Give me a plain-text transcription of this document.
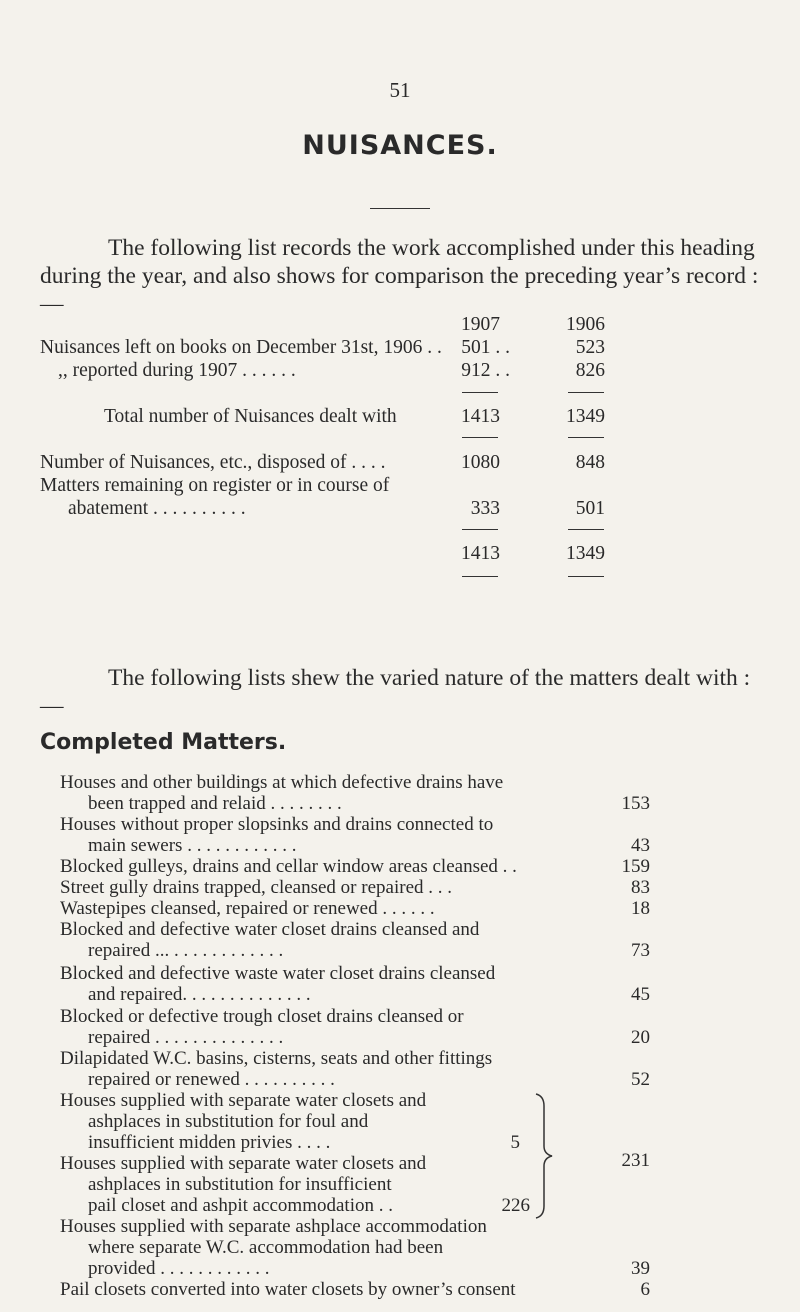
51
NUISANCES.
The following list records the work accomplished under this heading during the year, and also shows for comparison the preceding year’s record :—
1907	1906
Nuisances left on books on December 31st, 1906 . . 501 . .	523
,, reported during 1907 . . . . . .	912 . .	826
Total number of Nuisances dealt with	1413	1349
Number of Nuisances, etc., disposed of . . . .	1080	848
Matters remaining on register or in course of
abatement . . . . . . . . . .	333	501
1413	1349
The following lists shew the varied nature of the matters dealt with :—
Completed Matters.
Houses and other buildings at which defective drains have
been trapped and relaid . . . . . . . .	153
Houses without proper slopsinks and drains connected to
main sewers . . . . . . . . . . . .	43
Blocked gulleys, drains and cellar window areas cleansed . .	159
Street gully drains trapped, cleansed or repaired . . .	83
Wastepipes cleansed, repaired or renewed . . . . . .	18
Blocked and defective water closet drains cleansed and
repaired ... . . . . . . . . . . . .	73
Blocked and defective waste water closet drains cleansed
and repaired. . . . . . . . . . . . . .	45
Blocked or defective trough closet drains cleansed or
repaired . . . . . . . . . . . . . .	20
Dilapidated W.C. basins, cisterns, seats and other fittings
repaired or renewed . . . . . . . . . .	52
Houses supplied with separate water closets and
ashplaces in substitution for foul and
insufficient midden privies . . . .	5
Houses supplied with separate water closets and
ashplaces in substitution for insufficient
pail closet and ashpit accommodation . .	226
231
Houses supplied with separate ashplace accommodation
where separate W.C. accommodation had been
provided . . . . . . . . . . . .	39
Pail closets converted into water closets by owner’s consent	6
